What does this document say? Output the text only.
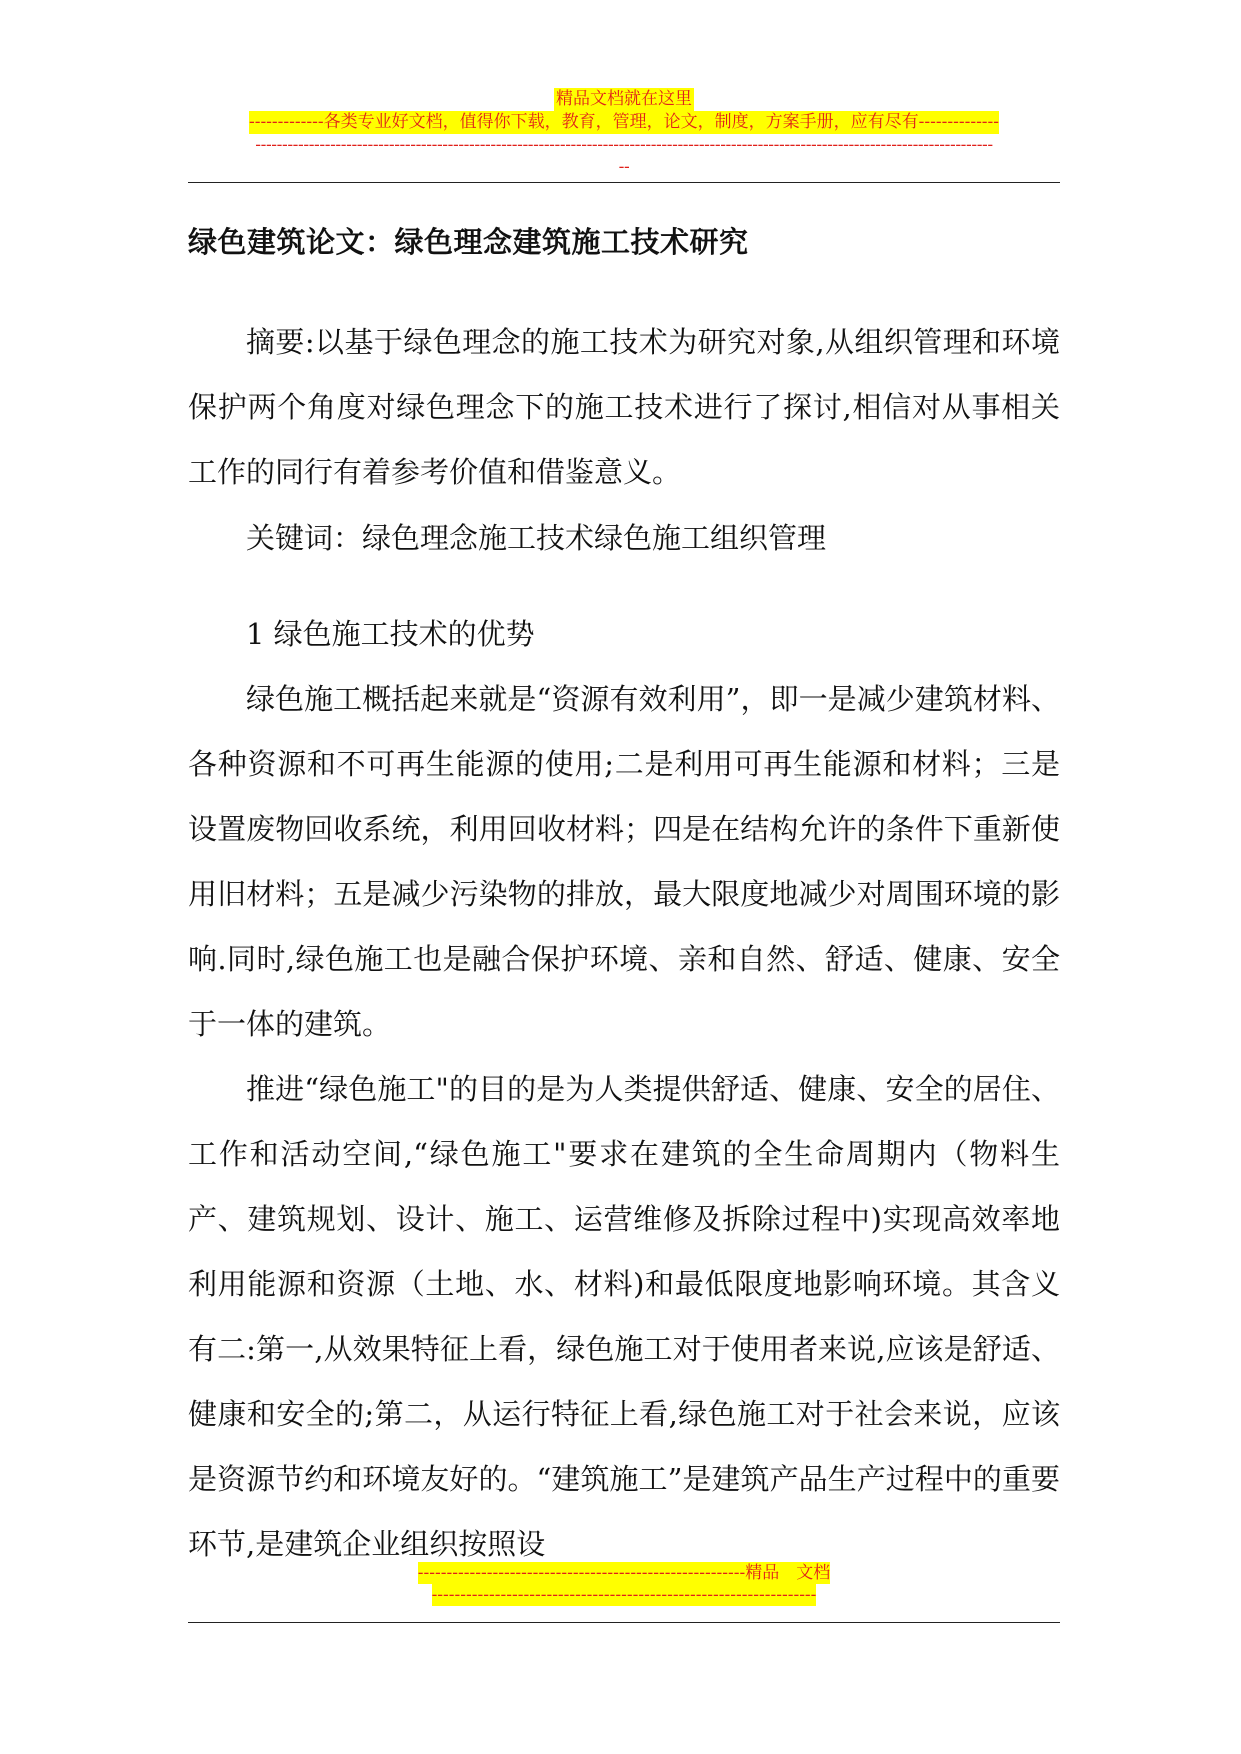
精品文档就在这里
-------------各类专业好文档，值得你下载，教育，管理，论文，制度，方案手册，应有尽有--------------
------------------------------------------------------------------------------------------------------------------------------------------
--
绿色建筑论文：绿色理念建筑施工技术研究

摘要:以基于绿色理念的施工技术为研究对象,从组织管理和环境保护两个角度对绿色理念下的施工技术进行了探讨,相信对从事相关工作的同行有着参考价值和借鉴意义。

关键词：绿色理念施工技术绿色施工组织管理

1 绿色施工技术的优势

绿色施工概括起来就是“资源有效利用”，即一是减少建筑材料、各种资源和不可再生能源的使用;二是利用可再生能源和材料；三是设置废物回收系统，利用回收材料；四是在结构允许的条件下重新使用旧材料；五是减少污染物的排放，最大限度地减少对周围环境的影响.同时,绿色施工也是融合保护环境、亲和自然、舒适、健康、安全于一体的建筑。

推进“绿色施工"的目的是为人类提供舒适、健康、安全的居住、工作和活动空间,“绿色施工"要求在建筑的全生命周期内（物料生产、建筑规划、设计、施工、运营维修及拆除过程中)实现高效率地利用能源和资源（土地、水、材料)和最低限度地影响环境。其含义有二:第一,从效果特征上看，绿色施工对于使用者来说,应该是舒适、健康和安全的;第二，从运行特征上看,绿色施工对于社会来说，应该是资源节约和环境友好的。“建筑施工”是建筑产品生产过程中的重要环节,是建筑企业组织按照设

---------------------------------------------------------精品　文档
-------------------------------------------------------------------
